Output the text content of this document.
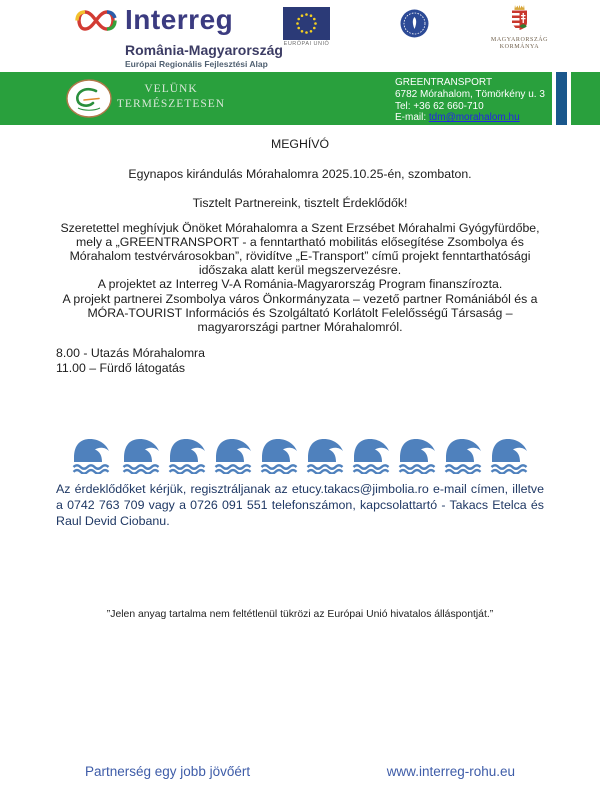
Interreg
România-Magyarország
Európai Regionális Fejlesztési Alap
EURÓPAI UNIÓ
MAGYARORSZÁG
KORMÁNYA
VELÜNK
TERMÉSZETESEN
GREENTRANSPORT
6782 Mórahalom, Tömörkény u. 3
Tel: +36 62 660-710
E-mail: tdm@morahalom.hu

MEGHÍVÓ

Egynapos kirándulás Mórahalomra 2025.10.25-én, szombaton.

Tisztelt Partnereink, tisztelt Érdeklődők!

Szeretettel meghívjuk Önöket Mórahalomra a Szent Erzsébet Mórahalmi Gyógyfürdőbe, mely a „GREENTRANSPORT - a fenntartható mobilitás elősegítése Zsombolya és Mórahalom testvérvárosokban”, rövidítve „E-Transport” című projekt fenntarthatósági időszaka alatt kerül megszervezésre.

A projektet az Interreg V-A Románia-Magyarország Program finanszírozta.

A projekt partnerei Zsombolya város Önkormányzata – vezető partner Romániából és a MÓRA-TOURIST Információs és Szolgáltató Korlátolt Felelősségű Társaság – magyarországi partner Mórahalomról.

8.00 - Utazás Mórahalomra
11.00 – Fürdő látogatás

Az érdeklődőket kérjük, regisztráljanak az etucy.takacs@jimbolia.ro e-mail címen, illetve a 0742 763 709 vagy a 0726 091 551 telefonszámon, kapcsolattartó - Takacs Etelca és Raul Devid Ciobanu.

”Jelen anyag tartalma nem feltétlenül tükrözi az Európai Unió hivatalos álláspontját.”

Partnerség egy jobb jövőért	www.interreg-rohu.eu
